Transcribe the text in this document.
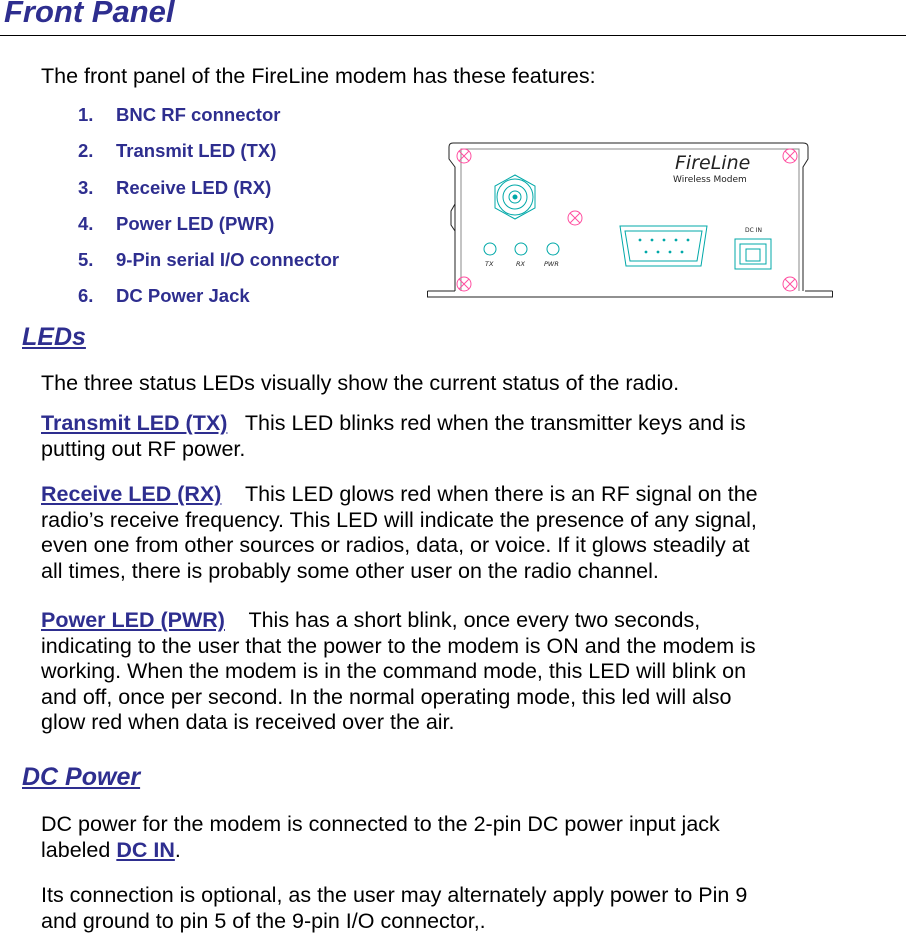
Front Panel

The front panel of the FireLine modem has these features:

1. BNC RF connector
2. Transmit LED (TX)
3. Receive LED (RX)
4. Power LED (PWR)
5. 9-Pin serial I/O connector
6. DC Power Jack
TX	RX	PWR
DC IN
FireLine
Wireless Modem
LEDs

The three status LEDs visually show the current status of the radio.

Transmit LED (TX) This LED blinks red when the transmitter keys and is
putting out RF power.

Receive LED (RX) This LED glows red when there is an RF signal on the
radio’s receive frequency. This LED will indicate the presence of any signal,
even one from other sources or radios, data, or voice. If it glows steadily at
all times, there is probably some other user on the radio channel.

Power LED (PWR) This has a short blink, once every two seconds,
indicating to the user that the power to the modem is ON and the modem is
working. When the modem is in the command mode, this LED will blink on
and off, once per second. In the normal operating mode, this led will also
glow red when data is received over the air.

DC Power

DC power for the modem is connected to the 2-pin DC power input jack
labeled DC IN.

Its connection is optional, as the user may alternately apply power to Pin 9
and ground to pin 5 of the 9-pin I/O connector,.
